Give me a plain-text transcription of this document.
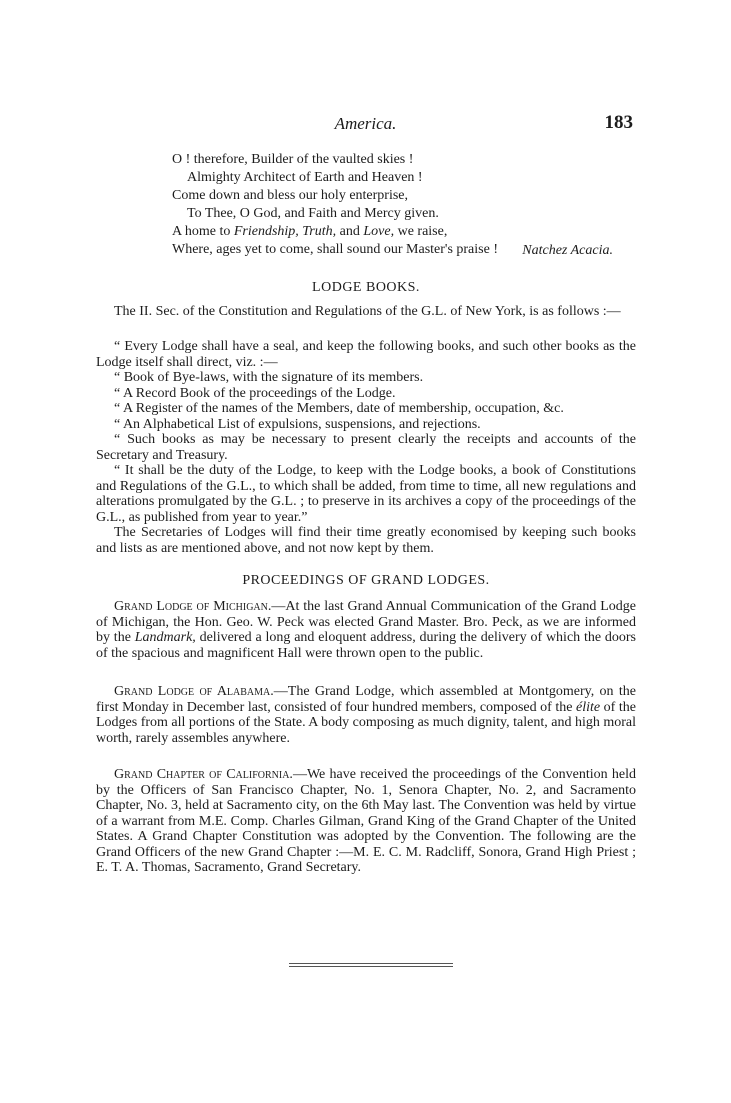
America.	183
O ! therefore, Builder of the vaulted skies !
Almighty Architect of Earth and Heaven !
Come down and bless our holy enterprise,
To Thee, O God, and Faith and Mercy given.
A home to Friendship, Truth, and Love, we raise,
Where, ages yet to come, shall sound our Master's praise !	Natchez Acacia.
LODGE BOOKS.

The II. Sec. of the Constitution and Regulations of the G.L. of New York, is as follows :—

“ Every Lodge shall have a seal, and keep the following books, and such other books as the Lodge itself shall direct, viz. :—

“ Book of Bye-laws, with the signature of its members.

“ A Record Book of the proceedings of the Lodge.

“ A Register of the names of the Members, date of membership, occupation, &c.

“ An Alphabetical List of expulsions, suspensions, and rejections.

“ Such books as may be necessary to present clearly the receipts and accounts of the Secretary and Treasury.

“ It shall be the duty of the Lodge, to keep with the Lodge books, a book of Constitutions and Regulations of the G.L., to which shall be added, from time to time, all new regulations and alterations promulgated by the G.L. ; to preserve in its archives a copy of the proceedings of the G.L., as published from year to year.”

The Secretaries of Lodges will find their time greatly economised by keeping such books and lists as are mentioned above, and not now kept by them.

PROCEEDINGS OF GRAND LODGES.

Grand Lodge of Michigan.—At the last Grand Annual Communication of the Grand Lodge of Michigan, the Hon. Geo. W. Peck was elected Grand Master. Bro. Peck, as we are informed by the Landmark, delivered a long and eloquent address, during the delivery of which the doors of the spacious and magnificent Hall were thrown open to the public.

Grand Lodge of Alabama.—The Grand Lodge, which assembled at Montgomery, on the first Monday in December last, consisted of four hundred members, composed of the élite of the Lodges from all portions of the State. A body composing as much dignity, talent, and high moral worth, rarely assembles anywhere.

Grand Chapter of California.—We have received the proceedings of the Convention held by the Officers of San Francisco Chapter, No. 1, Senora Chapter, No. 2, and Sacramento Chapter, No. 3, held at Sacramento city, on the 6th May last. The Convention was held by virtue of a warrant from M.E. Comp. Charles Gilman, Grand King of the Grand Chapter of the United States. A Grand Chapter Constitution was adopted by the Convention. The following are the Grand Officers of the new Grand Chapter :—M. E. C. M. Radcliff, Sonora, Grand High Priest ; E. T. A. Thomas, Sacramento, Grand Secretary.
